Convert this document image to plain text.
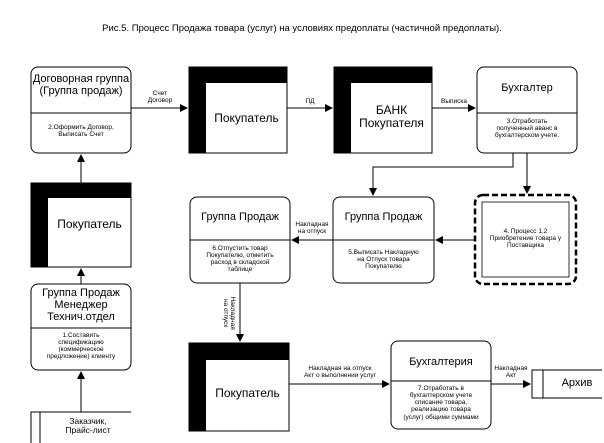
Рис.5. Процесс Продажа товара (услуг) на условиях предоплаты (частичной предоплаты).
Договорная группа
(Группа продаж)
2.Оформить Договор,
Выписать Счет
Покупатель
БАНК
Покупателя
Бухгалтер
3.Отработать
полученный аванс в
бухгалтерском учете.
Покупатель	Группа Продаж
6.Отпустить товар
Покупателю, отметить
расход в складской
таблице
Группа Продаж
5.Выписать Накладную
на Отпуск товара
Покупателю
4. Процесс 1.2
Приобретение товара у
Поставщика
Группа Продаж
Менеджер
Технич.отдел
1.Составить
спецификацию
(коммерческое
предложение) клиенту
Покупатель
Бухгалтерия
7.Отработать в
бухгалтерском учете
списание товара,
реализацию товара
(услуг) общими суммами
Архив
Заказчик,
Прайс-лист
Счет
Договор	ПД	Выписка
Накладная
на отпуск
Накладная
на отпуск
Накладная на отпуск
Акт о выполнении услуг
Накладная
Акт
